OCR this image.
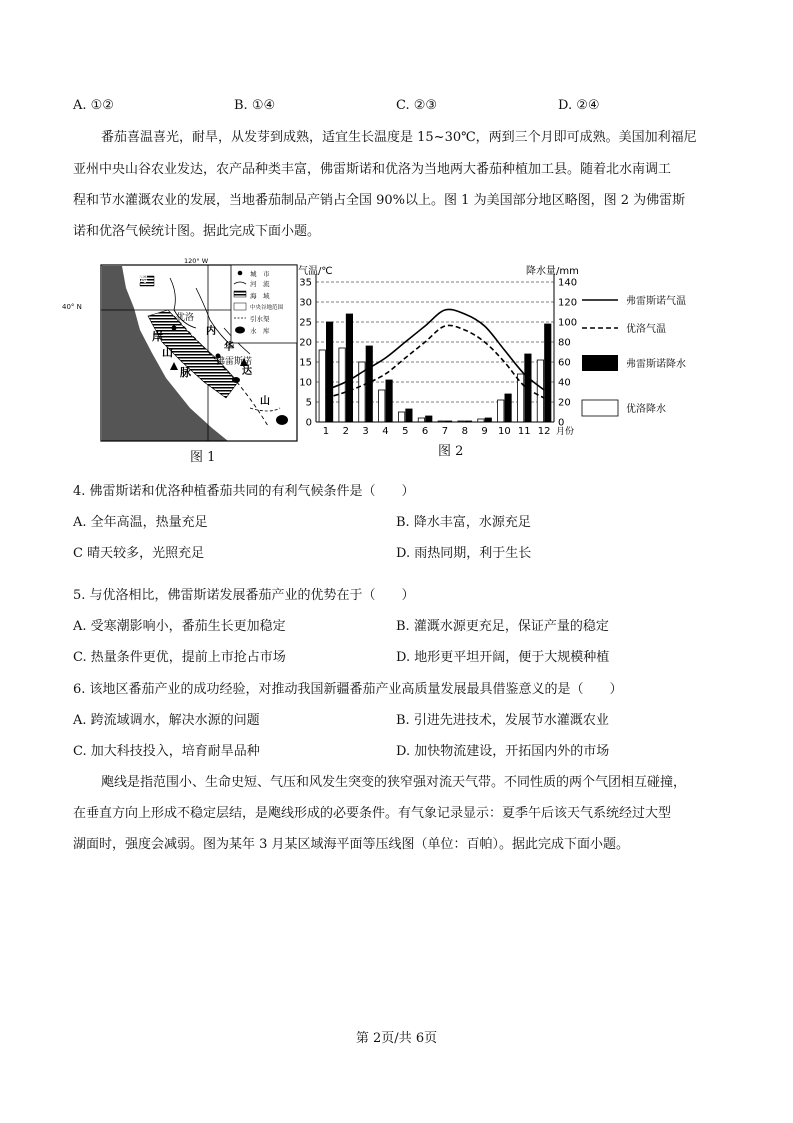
A. ①②	B. ①④	C. ②③	D. ②④
番茄喜温喜光，耐旱，从发芽到成熟，适宜生长温度是 15~30℃，两到三个月即可成熟。美国加利福尼
亚州中央山谷农业发达，农产品种类丰富，佛雷斯诺和优洛为当地两大番茄种植加工县。随着北水南调工
程和节水灌溉农业的发展，当地番茄制品产销占全国 90%以上。图 1 为美国部分地区略图，图 2 为佛雷斯
诺和优洛气候统计图。据此完成下面小题。
城　市
河　流
海　域
中央谷地范围
引水渠
水　库
海
岸
山
脉
优洛
内
华
佛雷斯诺
达
山
120° W
40° N
图 1
0
5
10
15
20
25
30
35
0
20
40
60
80
100
120
140
1 2 3 4 5 6 7 8 9 10 11 12
气温/℃	降水量/mm
月份
弗雷斯诺气温
优洛气温
弗雷斯诺降水
优洛降水
图 2
4. 佛雷斯诺和优洛种植番茄共同的有利气候条件是（　　）
A. 全年高温，热量充足	B. 降水丰富，水源充足
C 晴天较多，光照充足	D. 雨热同期，利于生长
5. 与优洛相比，佛雷斯诺发展番茄产业的优势在于（　　）
A. 受寒潮影响小，番茄生长更加稳定	B. 灌溉水源更充足，保证产量的稳定
C. 热量条件更优，提前上市抢占市场	D. 地形更平坦开阔，便于大规模种植
6. 该地区番茄产业的成功经验，对推动我国新疆番茄产业高质量发展最具借鉴意义的是（　　）
A. 跨流域调水，解决水源的问题	B. 引进先进技术，发展节水灌溉农业
C. 加大科技投入，培育耐旱品种	D. 加快物流建设，开拓国内外的市场
飑线是指范围小、生命史短、气压和风发生突变的狭窄强对流天气带。不同性质的两个气团相互碰撞，
在垂直方向上形成不稳定层结，是飑线形成的必要条件。有气象记录显示：夏季午后该天气系统经过大型
湖面时，强度会减弱。图为某年 3 月某区域海平面等压线图（单位：百帕）。据此完成下面小题。
第 2页/共 6页
